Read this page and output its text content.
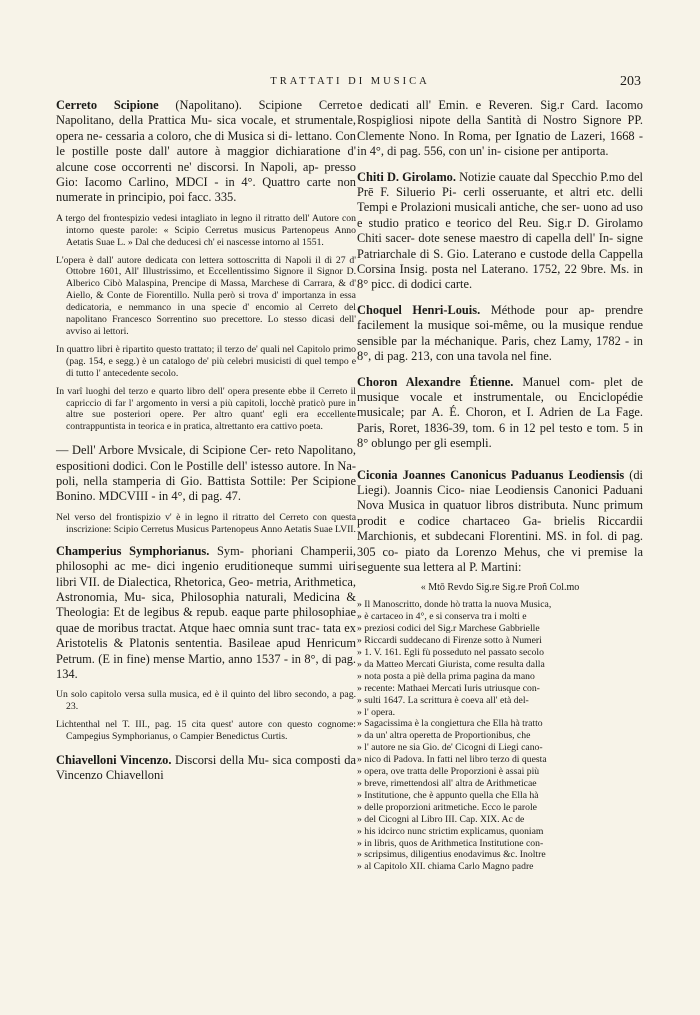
TRATTATI DI MUSICA	203
Cerreto Scipione (Napolitano). Scipione Cerreto Napolitano, della Prattica Mu- sica vocale, et strumentale, opera ne- cessaria a coloro, che di Musica si di- lettano. Con le postille poste dall' autore à maggior dichiaratione d' alcune cose occorrenti ne' discorsi. In Napoli, ap- presso Gio: Iacomo Carlino, MDCI - in 4°. Quattro carte non numerate in principio, poi facc. 335.
A tergo del frontespizio vedesi intagliato in legno il ritratto dell' Autore con intorno queste parole: « Scipio Cerretus musicus Partenopeus Anno Aetatis Suae L. » Dal che deducesi ch' ei nascesse intorno al 1551.
L'opera è dall' autore dedicata con lettera sottoscritta di Napoli il dì 27 d' Ottobre 1601, All' Illustrissimo, et Eccellentissimo Signore il Signor D. Alberico Cibò Malaspina, Prencipe di Massa, Marchese di Carrara, & d' Aiello, & Conte de Fiorentillo. Nulla però si trova d' importanza in essa dedicatoria, e nemmanco in una specie d' encomio al Cerreto del napolitano Francesco Sorrentino suo precettore. Lo stesso dicasi dell' avviso ai lettori.
In quattro libri è ripartito questo trattato; il terzo de' quali nel Capitolo primo (pag. 154, e segg.) è un catalogo de' più celebri musicisti di quel tempo e di tutto l' antecedente secolo.
In varî luoghi del terzo e quarto libro dell' opera presente ebbe il Cerreto il capriccio di far l' argomento in versi a più capitoli, locchè praticò pure in altre sue posteriori opere. Per altro quant' egli era eccellente contrappuntista in teorica e in pratica, altrettanto era cattivo poeta.
— Dell' Arbore Mvsicale, di Scipione Cer- reto Napolitano, espositioni dodici. Con le Postille dell' istesso autore. In Na- poli, nella stamperia di Gio. Battista Sottile: Per Scipione Bonino. MDCVIII - in 4°, di pag. 47.
Nel verso del frontispizio v' è in legno il ritratto del Cerreto con questa inscrizione: Scipio Cerretus Musicus Partenopeus Anno Aetatis Suae LVII.
Champerius Symphorianus. Sym- phoriani Champerii, philosophi ac me- dici ingenio eruditioneque summi uiri libri VII. de Dialectica, Rhetorica, Geo- metria, Arithmetica, Astronomia, Mu- sica, Philosophia naturali, Medicina & Theologia: Et de legibus & repub. eaque parte philosophiae quae de moribus tractat. Atque haec omnia sunt trac- tata ex Aristotelis & Platonis sententia. Basileae apud Henricum Petrum. (E in fine) mense Martio, anno 1537 - in 8°, di pag. 134.
Un solo capitolo versa sulla musica, ed è il quinto del libro secondo, a pag. 23.
Lichtenthal nel T. III., pag. 15 cita quest' autore con questo cognome: Campegius Symphorianus, o Campier Benedictus Curtis.
Chiavelloni Vincenzo. Discorsi della Mu- sica composti da Vincenzo Chiavelloni
e dedicati all' Emin. e Reveren. Sig.r Card. Iacomo Rospigliosi nipote della Santità di Nostro Signore PP. Clemente Nono. In Roma, per Ignatio de Lazeri, 1668 - in 4°, di pag. 556, con un' in- cisione per antiporta.
Chiti D. Girolamo. Notizie cauate dal Specchio P.mo del Prē F. Siluerio Pi- cerli osseruante, et altri etc. delli Tempi e Prolazioni musicali antiche, che ser- uono ad uso e studio pratico e teorico del Reu. Sig.r D. Girolamo Chiti sacer- dote senese maestro di capella dell' In- signe Patriarchale di S. Gio. Laterano e custode della Cappella Corsina Insig. posta nel Laterano. 1752, 22 9bre. Ms. in 8° picc. di dodici carte.
Choquel Henri-Louis. Méthode pour ap- prendre facilement la musique soi-même, ou la musique rendue sensible par la méchanique. Paris, chez Lamy, 1782 - in 8°, di pag. 213, con una tavola nel fine.
Choron Alexandre Étienne. Manuel com- plet de musique vocale et instrumentale, ou Enciclopédie musicale; par A. É. Choron, et I. Adrien de La Fage. Paris, Roret, 1836-39, tom. 6 in 12 pel testo e tom. 5 in 8° oblungo per gli esempli.
Ciconia Joannes Canonicus Paduanus Leodiensis (di Liegi). Joannis Cico- niae Leodiensis Canonici Paduani Nova Musica in quatuor libros distributa. Nunc primum prodit e codice chartaceo Ga- brielis Riccardii Marchionis, et subdecani Florentini. MS. in fol. di pag. 305 co- piato da Lorenzo Mehus, che vi premise la seguente sua lettera al P. Martini:
« Mtō Revdo Sig.re Sig.re Proñ Col.mo
» Il Manoscritto, donde hò tratta la nuova Musica,
» è cartaceo in 4°, e si conserva tra i molti e
» preziosi codici del Sig.r Marchese Gabbrielle
» Riccardi suddecano di Firenze sotto à Numeri
» 1. V. 161. Egli fù posseduto nel passato secolo
» da Matteo Mercati Giurista, come resulta dalla
» nota posta a piè della prima pagina da mano
» recente: Mathaei Mercati Iuris utriusque con-
» sulti 1647. La scrittura è coeva all' età del-
» l' opera.
» Sagacissima è la congiettura che Ella hà tratto
» da un' altra operetta de Proportionibus, che
» l' autore ne sia Gio. de' Cicogni di Liegi cano-
» nico di Padova. In fatti nel libro terzo di questa
» opera, ove tratta delle Proporzioni è assai più
» breve, rimettendosi all' altra de Arithmeticae
» Institutione, che è appunto quella che Ella hà
» delle proporzioni aritmetiche. Ecco le parole
» del Cicogni al Libro III. Cap. XIX. Ac de
» his idcirco nunc strictim explicamus, quoniam
» in libris, quos de Arithmetica Institutione con-
» scripsimus, diligentius enodavimus &c. Inoltre
» al Capitolo XII. chiama Carlo Magno padre
